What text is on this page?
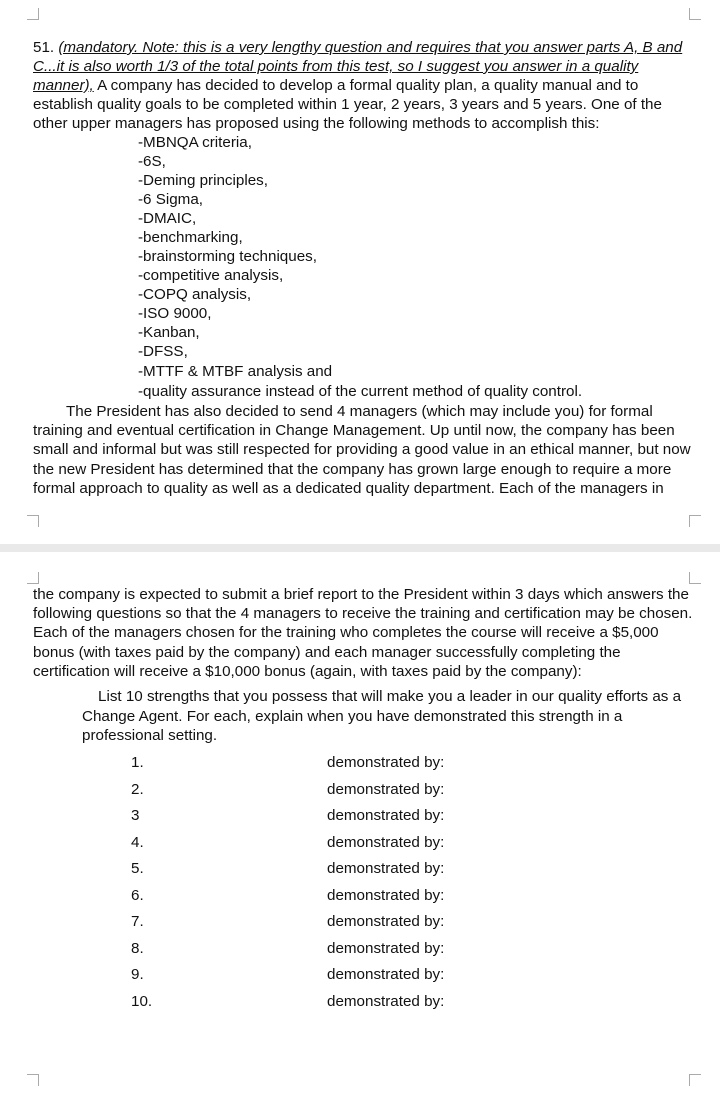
51. (mandatory. Note: this is a very lengthy question and requires that you answer parts A, B and
C...it is also worth 1/3 of the total points from this test, so I suggest you answer in a quality
manner), A company has decided to develop a formal quality plan, a quality manual and to
establish quality goals to be completed within 1 year, 2 years, 3 years and 5 years. One of the
other upper managers has proposed using the following methods to accomplish this:
-MBNQA criteria,
-6S,
-Deming principles,
-6 Sigma,
-DMAIC,
-benchmarking,
-brainstorming techniques,
-competitive analysis,
-COPQ analysis,
-ISO 9000,
-Kanban,
-DFSS,
-MTTF & MTBF analysis and
-quality assurance instead of the current method of quality control.
The President has also decided to send 4 managers (which may include you) for formal
training and eventual certification in Change Management. Up until now, the company has been
small and informal but was still respected for providing a good value in an ethical manner, but now
the new President has determined that the company has grown large enough to require a more
formal approach to quality as well as a dedicated quality department. Each of the managers in
the company is expected to submit a brief report to the President within 3 days which answers the
following questions so that the 4 managers to receive the training and certification may be chosen.
Each of the managers chosen for the training who completes the course will receive a $5,000
bonus (with taxes paid by the company) and each manager successfully completing the
certification will receive a $10,000 bonus (again, with taxes paid by the company):
List 10 strengths that you possess that will make you a leader in our quality efforts as a
Change Agent. For each, explain when you have demonstrated this strength in a
professional setting.
1.	demonstrated by:
2.	demonstrated by:
3	demonstrated by:
4.	demonstrated by:
5.	demonstrated by:
6.	demonstrated by:
7.	demonstrated by:
8.	demonstrated by:
9.	demonstrated by:
10.	demonstrated by:
